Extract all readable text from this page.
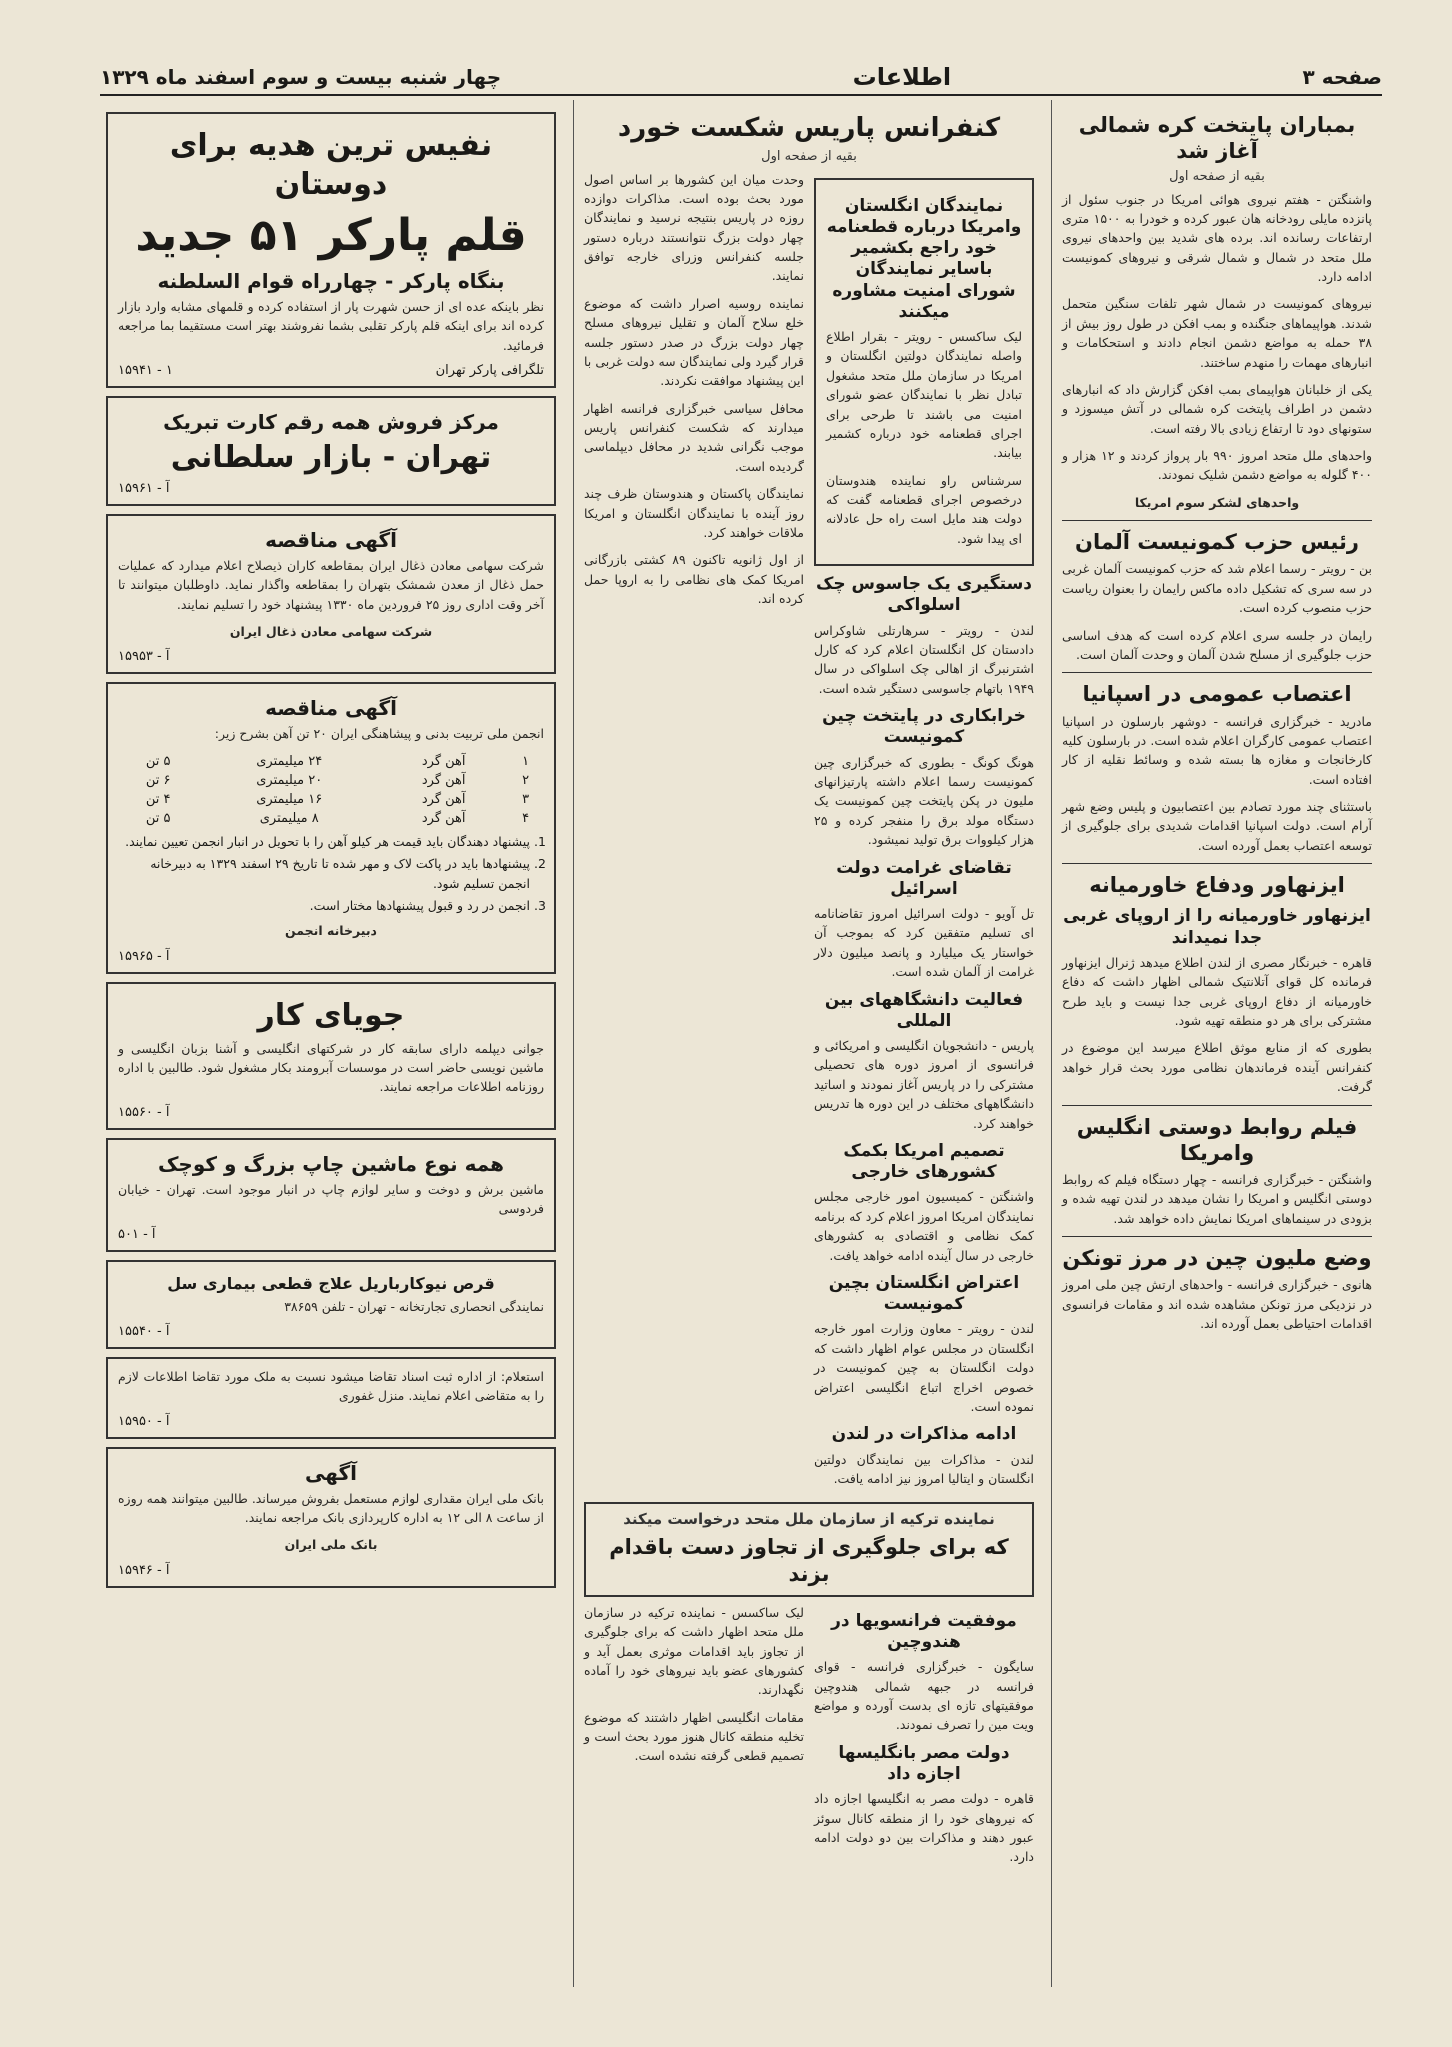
صفحه ۳
اطلاعات
چهار شنبه بیست و سوم اسفند ماه ۱۳۲۹
بمباران پایتخت کره شمالی آغاز شد
بقیه از صفحه اول

واشنگتن - هفتم نیروی هوائی امریکا در جنوب سئول از پانزده مایلی رودخانه هان عبور کرده و خودرا به ۱۵۰۰ متری ارتفاعات رسانده اند. برده های شدید بین واحدهای نیروی ملل متحد در شمال و شمال شرقی و نیروهای کمونیست ادامه دارد.

نیروهای کمونیست در شمال شهر تلفات سنگین متحمل شدند. هواپیماهای جنگنده و بمب افکن در طول روز بیش از ۳۸ حمله به مواضع دشمن انجام دادند و استحکامات و انبارهای مهمات را منهدم ساختند.

یکی از خلبانان هواپیمای بمب افکن گزارش داد که انبارهای دشمن در اطراف پایتخت کره شمالی در آتش میسوزد و ستونهای دود تا ارتفاع زیادی بالا رفته است.

واحدهای ملل متحد امروز ۹۹۰ بار پرواز کردند و ۱۲ هزار و ۴۰۰ گلوله به مواضع دشمن شلیک نمودند.

واحدهای لشکر سوم امریکا

رئیس حزب کمونیست آلمان

بن - رویتر - رسما اعلام شد که حزب کمونیست آلمان غربی در سه سری که تشکیل داده ماکس رایمان را بعنوان ریاست حزب منصوب کرده است.

رایمان در جلسه سری اعلام کرده است که هدف اساسی حزب جلوگیری از مسلح شدن آلمان و وحدت آلمان است.

اعتصاب عمومی در اسپانیا

مادرید - خبرگزاری فرانسه - دوشهر بارسلون در اسپانیا اعتصاب عمومی کارگران اعلام شده است. در بارسلون کلیه کارخانجات و مغازه ها بسته شده و وسائط نقلیه از کار افتاده است.

باستثنای چند مورد تصادم بین اعتصابیون و پلیس وضع شهر آرام است. دولت اسپانیا اقدامات شدیدی برای جلوگیری از توسعه اعتصاب بعمل آورده است.

ایزنهاور ودفاع خاورمیانه
ایزنهاور خاورمیانه را از اروپای غربی جدا نمیداند

قاهره - خبرنگار مصری از لندن اطلاع میدهد ژنرال ایزنهاور فرمانده کل قوای آتلانتیک شمالی اظهار داشت که دفاع خاورمیانه از دفاع اروپای غربی جدا نیست و باید طرح مشترکی برای هر دو منطقه تهیه شود.

بطوری که از منابع موثق اطلاع میرسد این موضوع در کنفرانس آینده فرماندهان نظامی مورد بحث قرار خواهد گرفت.

فیلم روابط دوستی انگلیس وامریکا

واشنگتن - خبرگزاری فرانسه - چهار دستگاه فیلم که روابط دوستی انگلیس و امریکا را نشان میدهد در لندن تهیه شده و بزودی در سینماهای امریکا نمایش داده خواهد شد.

وضع ملیون چین در مرز تونکن

هانوی - خبرگزاری فرانسه - واحدهای ارتش چین ملی امروز در نزدیکی مرز تونکن مشاهده شده اند و مقامات فرانسوی اقدامات احتیاطی بعمل آورده اند.

کنفرانس پاریس شکست خورد
بقیه از صفحه اول
نمایندگان انگلستان وامریکا درباره قطعنامه خود راجع بکشمیر باسایر نمایندگان شورای امنیت مشاوره میکنند

لیک ساکسس - رویتر - بقرار اطلاع واصله نمایندگان دولتین انگلستان و امریکا در سازمان ملل متحد مشغول تبادل نظر با نمایندگان عضو شورای امنیت می باشند تا طرحی برای اجرای قطعنامه خود درباره کشمیر بیابند.

سرشناس راو نماینده هندوستان درخصوص اجرای قطعنامه گفت که دولت هند مایل است راه حل عادلانه ای پیدا شود.

دستگیری یک جاسوس چک اسلواکی

لندن - رویتر - سرهارتلی شاوکراس دادستان کل انگلستان اعلام کرد که کارل اشترنبرگ از اهالی چک اسلواکی در سال ۱۹۴۹ باتهام جاسوسی دستگیر شده است.

خرابکاری در پایتخت چین کمونیست

هونگ کونگ - بطوری که خبرگزاری چین کمونیست رسما اعلام داشته پارتیزانهای ملیون در پکن پایتخت چین کمونیست یک دستگاه مولد برق را منفجر کرده و ۲۵ هزار کیلووات برق تولید نمیشود.

تقاضای غرامت دولت اسرائیل

تل آویو - دولت اسرائیل امروز تقاضانامه ای تسلیم متفقین کرد که بموجب آن خواستار یک میلیارد و پانصد میلیون دلار غرامت از آلمان شده است.

فعالیت دانشگاههای بین المللی

پاریس - دانشجویان انگلیسی و امریکائی و فرانسوی از امروز دوره های تحصیلی مشترکی را در پاریس آغاز نمودند و اساتید دانشگاههای مختلف در این دوره ها تدریس خواهند کرد.

تصمیم امریکا بکمک کشورهای خارجی

واشنگتن - کمیسیون امور خارجی مجلس نمایندگان امریکا امروز اعلام کرد که برنامه کمک نظامی و اقتصادی به کشورهای خارجی در سال آینده ادامه خواهد یافت.

اعتراض انگلستان بچین کمونیست

لندن - رویتر - معاون وزارت امور خارجه انگلستان در مجلس عوام اظهار داشت که دولت انگلستان به چین کمونیست در خصوص اخراج اتباع انگلیسی اعتراض نموده است.

ادامه مذاکرات در لندن

لندن - مذاکرات بین نمایندگان دولتین انگلستان و ایتالیا امروز نیز ادامه یافت.

وحدت میان این کشورها بر اساس اصول مورد بحث بوده است. مذاکرات دوازده روزه در پاریس بنتیجه نرسید و نمایندگان چهار دولت بزرگ نتوانستند درباره دستور جلسه کنفرانس وزرای خارجه توافق نمایند.

نماینده روسیه اصرار داشت که موضوع خلع سلاح آلمان و تقلیل نیروهای مسلح چهار دولت بزرگ در صدر دستور جلسه قرار گیرد ولی نمایندگان سه دولت غربی با این پیشنهاد موافقت نکردند.

محافل سیاسی خبرگزاری فرانسه اظهار میدارند که شکست کنفرانس پاریس موجب نگرانی شدید در محافل دیپلماسی گردیده است.

نمایندگان پاکستان و هندوستان ظرف چند روز آینده با نمایندگان انگلستان و امریکا ملاقات خواهند کرد.

از اول ژانویه تاکنون ۸۹ کشتی بازرگانی امریکا کمک های نظامی را به اروپا حمل کرده اند.

نماینده ترکیه از سازمان ملل متحد درخواست میکند
که برای جلوگیری از تجاوز دست باقدام بزند
موفقیت فرانسویها در هندوچین

سایگون - خبرگزاری فرانسه - قوای فرانسه در جبهه شمالی هندوچین موفقیتهای تازه ای بدست آورده و مواضع ویت مین را تصرف نمودند.

دولت مصر بانگلیسها اجازه داد

قاهره - دولت مصر به انگلیسها اجازه داد که نیروهای خود را از منطقه کانال سوئز عبور دهند و مذاکرات بین دو دولت ادامه دارد.

لیک ساکسس - نماینده ترکیه در سازمان ملل متحد اظهار داشت که برای جلوگیری از تجاوز باید اقدامات موثری بعمل آید و کشورهای عضو باید نیروهای خود را آماده نگهدارند.

مقامات انگلیسی اظهار داشتند که موضوع تخلیه منطقه کانال هنوز مورد بحث است و تصمیم قطعی گرفته نشده است.

نفیس ترین هدیه برای دوستان
قلم پارکر ۵۱ جدید
بنگاه پارکر - چهارراه قوام السلطنه

نظر باینکه عده ای از حسن شهرت پار از استفاده کرده و قلمهای مشابه وارد بازار کرده اند برای اینکه قلم پارکر تقلبی بشما نفروشند بهتر است مستقیما بما مراجعه فرمائید.

۱۵۹۴۱ - ۱	تلگرافی پارکر تهران
مرکز فروش همه رقم کارت تبریک
تهران - بازار سلطانی
آ - ۱۵۹۶۱
آگهی مناقصه

شرکت سهامی معادن ذغال ایران بمقاطعه کاران ذیصلاح اعلام میدارد که عملیات حمل ذغال از معدن شمشک بتهران را بمقاطعه واگذار نماید. داوطلبان میتوانند تا آخر وقت اداری روز ۲۵ فروردین ماه ۱۳۳۰ پیشنهاد خود را تسلیم نمایند.

شرکت سهامی معادن ذغال ایران

آ - ۱۵۹۵۳
آگهی مناقصه

انجمن ملی تربیت بدنی و پیشاهنگی ایران ۲۰ تن آهن بشرح زیر:

۱	آهن گرد	۲۴ میلیمتری	۵ تن
۲	آهن گرد	۲۰ میلیمتری	۶ تن
۳	آهن گرد	۱۶ میلیمتری	۴ تن
۴	آهن گرد	۸ میلیمتری	۵ تن
1. پیشنهاد دهندگان باید قیمت هر کیلو آهن را با تحویل در انبار انجمن تعیین نمایند.
2. پیشنهادها باید در پاکت لاک و مهر شده تا تاریخ ۲۹ اسفند ۱۳۲۹ به دبیرخانه انجمن تسلیم شود.
3. انجمن در رد و قبول پیشنهادها مختار است.

دبیرخانه انجمن

آ - ۱۵۹۶۵
جویای کار

جوانی دیپلمه دارای سابقه کار در شرکتهای انگلیسی و آشنا بزبان انگلیسی و ماشین نویسی حاضر است در موسسات آبرومند بکار مشغول شود. طالبین با اداره روزنامه اطلاعات مراجعه نمایند.

آ - ۱۵۵۶۰
همه نوع ماشین چاپ بزرگ و کوچک

ماشین برش و دوخت و سایر لوازم چاپ در انبار موجود است. تهران - خیابان فردوسی

آ - ۵۰۱
قرص نیوکارباریل علاج قطعی بیماری سل

نمایندگی انحصاری تجارتخانه - تهران - تلفن ۳۸۶۵۹

آ - ۱۵۵۴۰

استعلام: از اداره ثبت اسناد تقاضا میشود نسبت به ملک مورد تقاضا اطلاعات لازم را به متقاضی اعلام نمایند. منزل غفوری

آ - ۱۵۹۵۰
آگهی

بانک ملی ایران مقداری لوازم مستعمل بفروش میرساند. طالبین میتوانند همه روزه از ساعت ۸ الی ۱۲ به اداره کارپردازی بانک مراجعه نمایند.

بانک ملی ایران

آ - ۱۵۹۴۶
